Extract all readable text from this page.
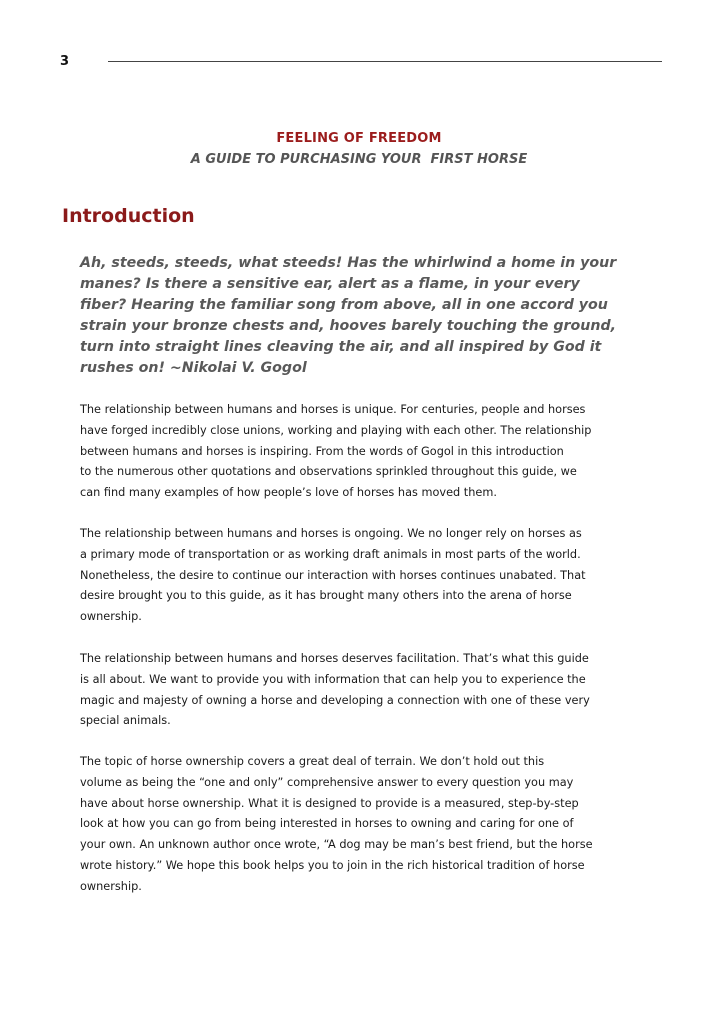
3
FEELING OF FREEDOM
A GUIDE TO PURCHASING YOUR  FIRST HORSE
Introduction
Ah, steeds, steeds, what steeds! Has the whirlwind a home in your
manes? Is there a sensitive ear, alert as a flame, in your every
fiber? Hearing the familiar song from above, all in one accord you
strain your bronze chests and, hooves barely touching the ground,
turn into straight lines cleaving the air, and all inspired by God it
rushes on! ~Nikolai V. Gogol
The relationship between humans and horses is unique. For centuries, people and horses
have forged incredibly close unions, working and playing with each other. The relationship
between humans and horses is inspiring. From the words of Gogol in this introduction
to the numerous other quotations and observations sprinkled throughout this guide, we
can find many examples of how people’s love of horses has moved them.
The relationship between humans and horses is ongoing. We no longer rely on horses as
a primary mode of transportation or as working draft animals in most parts of the world.
Nonetheless, the desire to continue our interaction with horses continues unabated. That
desire brought you to this guide, as it has brought many others into the arena of horse
ownership.
The relationship between humans and horses deserves facilitation. That’s what this guide
is all about. We want to provide you with information that can help you to experience the
magic and majesty of owning a horse and developing a connection with one of these very
special animals.
The topic of horse ownership covers a great deal of terrain. We don’t hold out this
volume as being the “one and only” comprehensive answer to every question you may
have about horse ownership. What it is designed to provide is a measured, step-by-step
look at how you can go from being interested in horses to owning and caring for one of
your own. An unknown author once wrote, “A dog may be man’s best friend, but the horse
wrote history.” We hope this book helps you to join in the rich historical tradition of horse
ownership.
